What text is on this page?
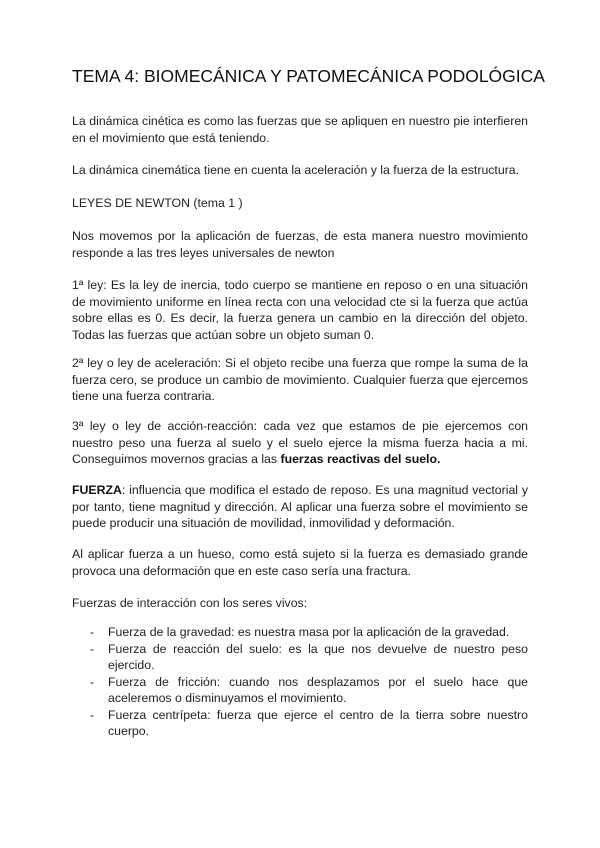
TEMA 4: BIOMECÁNICA Y PATOMECÁNICA PODOLÓGICA

La dinámica cinética es como las fuerzas que se apliquen en nuestro pie interfieren en el movimiento que está teniendo.

La dinámica cinemática tiene en cuenta la aceleración y la fuerza de la estructura.

LEYES DE NEWTON (tema 1 )

Nos movemos por la aplicación de fuerzas, de esta manera nuestro movimiento responde a las tres leyes universales de newton

1ª ley: Es la ley de inercia, todo cuerpo se mantiene en reposo o en una situación de movimiento uniforme en línea recta con una velocidad cte si la fuerza que actúa sobre ellas es 0. Es decir, la fuerza genera un cambio en la dirección del objeto. Todas las fuerzas que actúan sobre un objeto suman 0.

2ª ley o ley de aceleración: Si el objeto recibe una fuerza que rompe la suma de la fuerza cero, se produce un cambio de movimiento. Cualquier fuerza que ejercemos tiene una fuerza contraria.

3ª ley o ley de acción-reacción: cada vez que estamos de pie ejercemos con nuestro peso una fuerza al suelo y el suelo ejerce la misma fuerza hacia a mi. Conseguimos movernos gracias a las fuerzas reactivas del suelo.

FUERZA: influencia que modifica el estado de reposo. Es una magnitud vectorial y por tanto, tiene magnitud y dirección. Al aplicar una fuerza sobre el movimiento se puede producir una situación de movilidad, inmovilidad y deformación.

Al aplicar fuerza a un hueso, como está sujeto si la fuerza es demasiado grande provoca una deformación que en este caso sería una fractura.

Fuerzas de interacción con los seres vivos:

- Fuerza de la gravedad: es nuestra masa por la aplicación de la gravedad.
- Fuerza de reacción del suelo: es la que nos devuelve de nuestro peso ejercido.
- Fuerza de fricción: cuando nos desplazamos por el suelo hace que aceleremos o disminuyamos el movimiento.
- Fuerza centrípeta: fuerza que ejerce el centro de la tierra sobre nuestro cuerpo.
